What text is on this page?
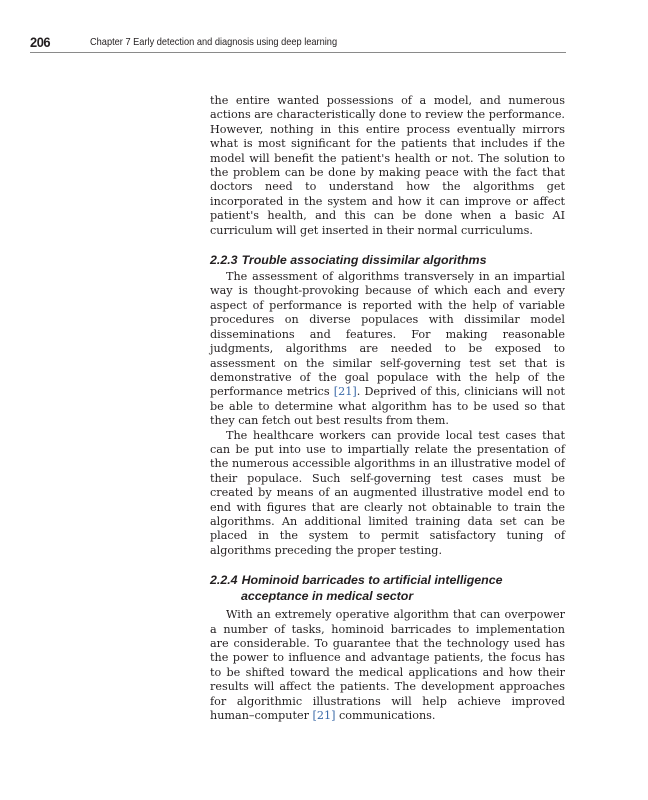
206	Chapter 7 Early detection and diagnosis using deep learning

the entire wanted possessions of a model, and numerous actions are characteristically done to review the performance. However, nothing in this entire process eventually mirrors what is most significant for the patients that includes if the model will benefit the patient's health or not. The solution to the problem can be done by making peace with the fact that doctors need to understand how the algorithms get incorporated in the system and how it can improve or affect patient's health, and this can be done when a basic AI curriculum will get inserted in their normal curriculums.

2.2.3 Trouble associating dissimilar algorithms

The assessment of algorithms transversely in an impartial way is thought-provoking because of which each and every aspect of performance is reported with the help of variable procedures on diverse populaces with dissimilar model disseminations and features. For making reasonable judgments, algorithms are needed to be exposed to assessment on the similar self-governing test set that is demonstrative of the goal populace with the help of the performance metrics [21]. Deprived of this, clinicians will not be able to determine what algorithm has to be used so that they can fetch out best results from them.

The healthcare workers can provide local test cases that can be put into use to impartially relate the presentation of the numerous accessible algorithms in an illustrative model of their populace. Such self-governing test cases must be created by means of an augmented illustrative model end to end with figures that are clearly not obtainable to train the algorithms. An additional limited training data set can be placed in the system to permit satisfactory tuning of algorithms preceding the proper testing.

2.2.4 Hominoid barricades to artificial intelligence acceptance in medical sector

With an extremely operative algorithm that can overpower a number of tasks, hominoid barricades to implementation are considerable. To guarantee that the technology used has the power to influence and advantage patients, the focus has to be shifted toward the medical applications and how their results will affect the patients. The development approaches for algorithmic illustrations will help achieve improved human–computer [21] communications.
